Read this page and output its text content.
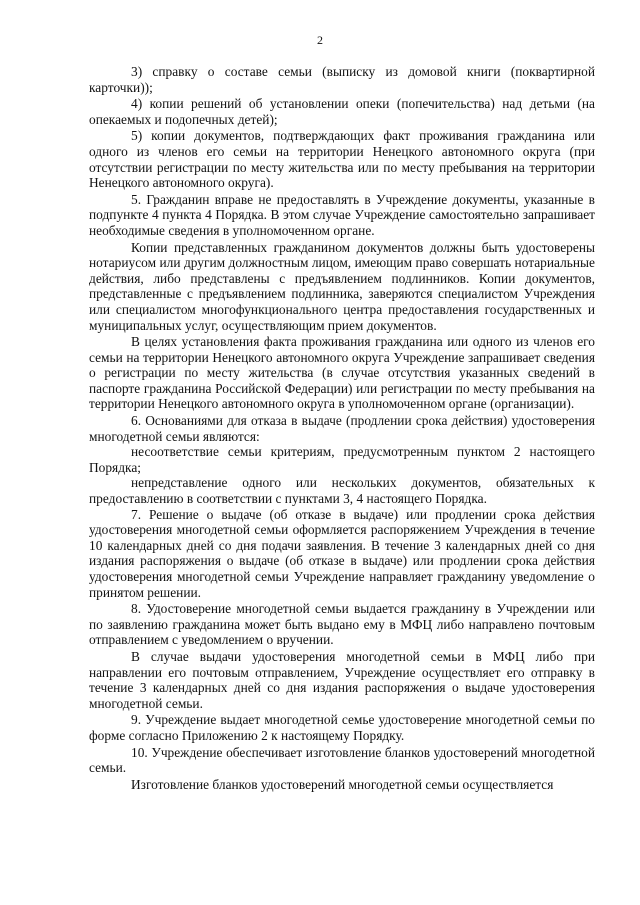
2

3) справку о составе семьи (выписку из домовой книги (поквартирной карточки));

4) копии решений об установлении опеки (попечительства) над детьми (на опекаемых и подопечных детей);

5) копии документов, подтверждающих факт проживания гражданина или одного из членов его семьи на территории Ненецкого автономного округа (при отсутствии регистрации по месту жительства или по месту пребывания на территории Ненецкого автономного округа).

5. Гражданин вправе не предоставлять в Учреждение документы, указанные в подпункте 4 пункта 4 Порядка. В этом случае Учреждение самостоятельно запрашивает необходимые сведения в уполномоченном органе.

Копии представленных гражданином документов должны быть удостоверены нотариусом или другим должностным лицом, имеющим право совершать нотариальные действия, либо представлены с предъявлением подлинников. Копии документов, представленные с предъявлением подлинника, заверяются специалистом Учреждения или специалистом многофункционального центра предоставления государственных и муниципальных услуг, осуществляющим прием документов.

В целях установления факта проживания гражданина или одного из членов его семьи на территории Ненецкого автономного округа Учреждение запрашивает сведения о регистрации по месту жительства (в случае отсутствия указанных сведений в паспорте гражданина Российской Федерации) или регистрации по месту пребывания на территории Ненецкого автономного округа в уполномоченном органе (организации).

6. Основаниями для отказа в выдаче (продлении срока действия) удостоверения многодетной семьи являются:

несоответствие семьи критериям, предусмотренным пунктом 2 настоящего Порядка;

непредставление одного или нескольких документов, обязательных к предоставлению в соответствии с пунктами 3, 4 настоящего Порядка.

7. Решение о выдаче (об отказе в выдаче) или продлении срока действия удостоверения многодетной семьи оформляется распоряжением Учреждения в течение 10 календарных дней со дня подачи заявления. В течение 3 календарных дней со дня издания распоряжения о выдаче (об отказе в выдаче) или продлении срока действия удостоверения многодетной семьи Учреждение направляет гражданину уведомление о принятом решении.

8. Удостоверение многодетной семьи выдается гражданину в Учреждении или по заявлению гражданина может быть выдано ему в МФЦ либо направлено почтовым отправлением с уведомлением о вручении.

В случае выдачи удостоверения многодетной семьи в МФЦ либо при направлении его почтовым отправлением, Учреждение осуществляет его отправку в течение 3 календарных дней со дня издания распоряжения о выдаче удостоверения многодетной семьи.

9. Учреждение выдает многодетной семье удостоверение многодетной семьи по форме согласно Приложению 2 к настоящему Порядку.

10. Учреждение обеспечивает изготовление бланков удостоверений многодетной семьи.

Изготовление бланков удостоверений многодетной семьи осуществляется
